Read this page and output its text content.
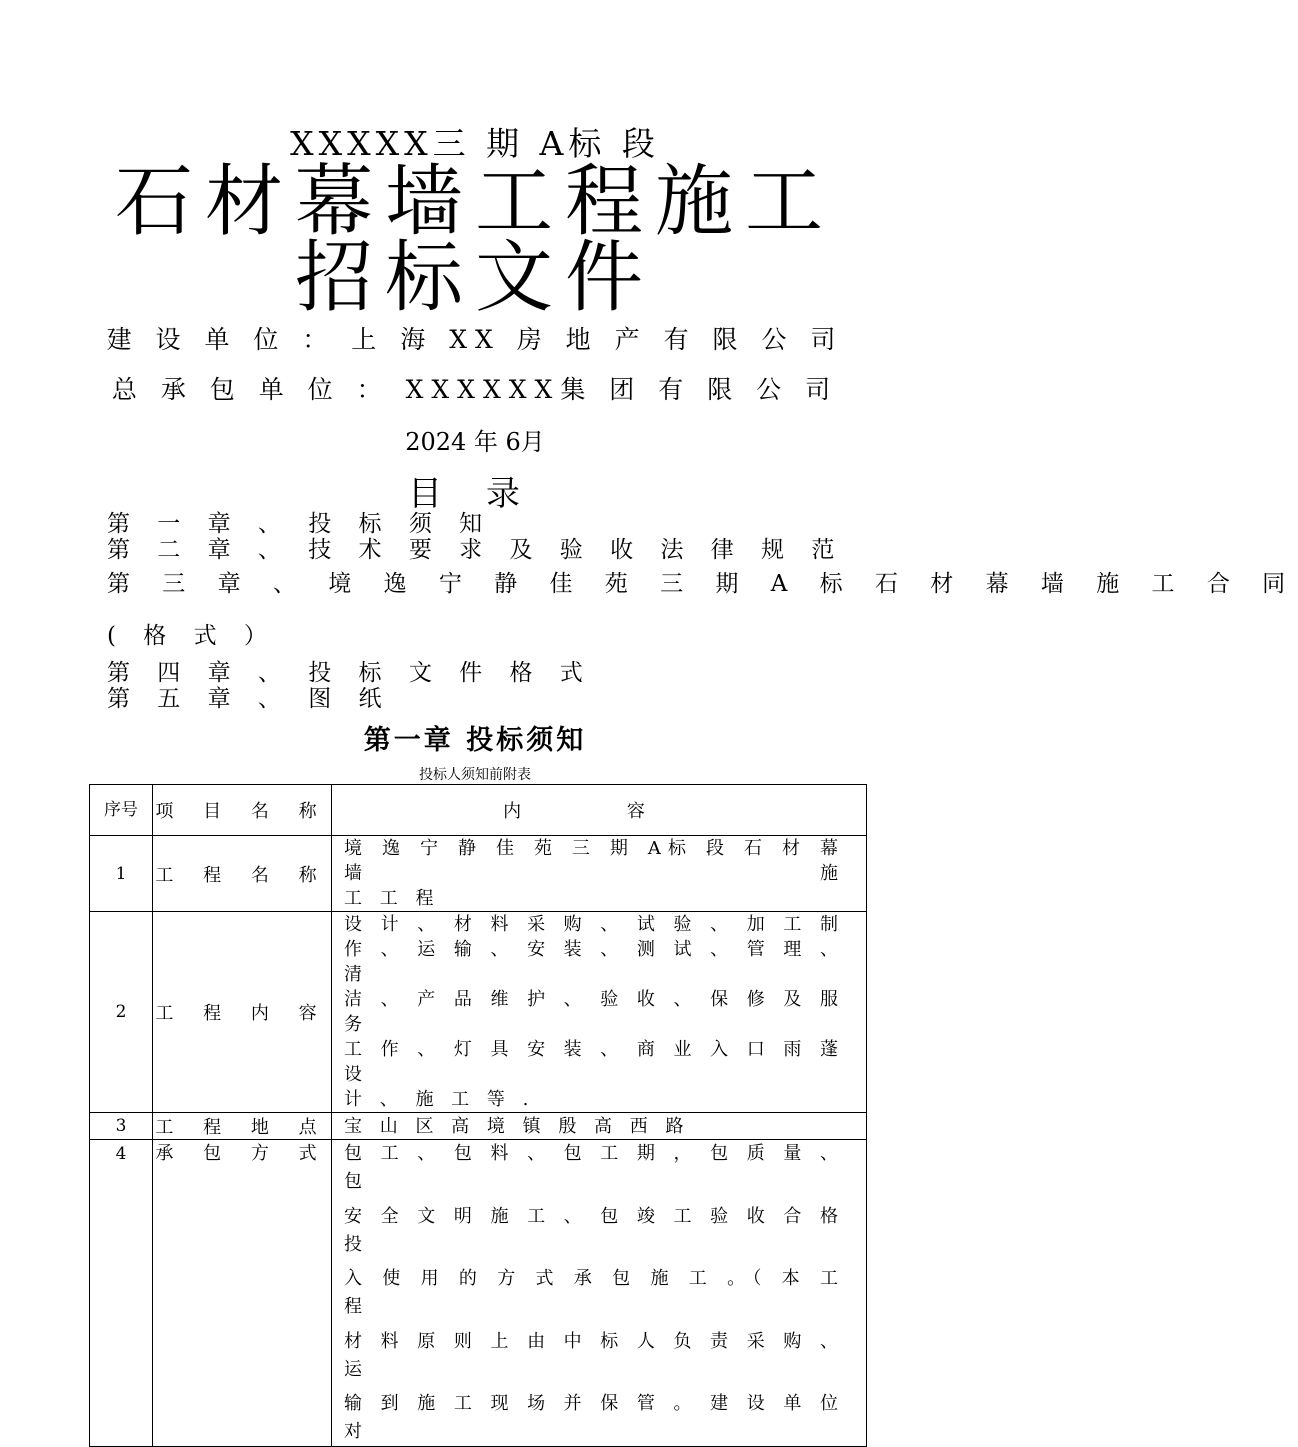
XXXXX三 期 A标 段
石材幕墙工程施工
招标文件
建 设 单 位 ： 上 海 XX 房 地 产 有 限 公 司
总 承 包 单 位 ： XXXXXX集 团 有 限 公 司
2024 年 6月
目录
第 一 章 、 投 标 须 知
第 二 章 、 技 术 要 求 及 验 收 法 律 规 范
第 三 章 、 境 逸 宁 静 佳 苑 三 期 A 标 石 材 幕 墙 施 工 合 同
( 格 式 ）
第 四 章 、 投 标 文 件 格 式
第 五 章 、 图 纸
第一章 投标须知
投标人须知前附表
序号	项 目 名 称	内 容
1	工 程 名 称	境 逸 宁 静 佳 苑 三 期 A标 段 石 材 幕 墙 施
工 工 程

2	工 程 内 容	设 计 、 材 料 采 购 、 试 验 、 加 工 制
作 、 运 输 、 安 装 、 测 试 、 管 理 、 清
洁 、 产 品 维 护 、 验 收 、 保 修 及 服 务
工 作 、 灯 具 安 装 、 商 业 入 口 雨 蓬 设
计 、 施 工 等 .

3	工 程 地 点	宝 山 区 高 境 镇 殷 高 西 路

4	承 包 方 式	包 工 、 包 料 、 包 工 期 ， 包 质 量 、 包
安 全 文 明 施 工 、 包 竣 工 验 收 合 格 投
入 使 用 的 方 式 承 包 施 工 。（ 本 工 程
材 料 原 则 上 由 中 标 人 负 责 采 购 、 运
输 到 施 工 现 场 并 保 管 。 建 设 单 位 对
